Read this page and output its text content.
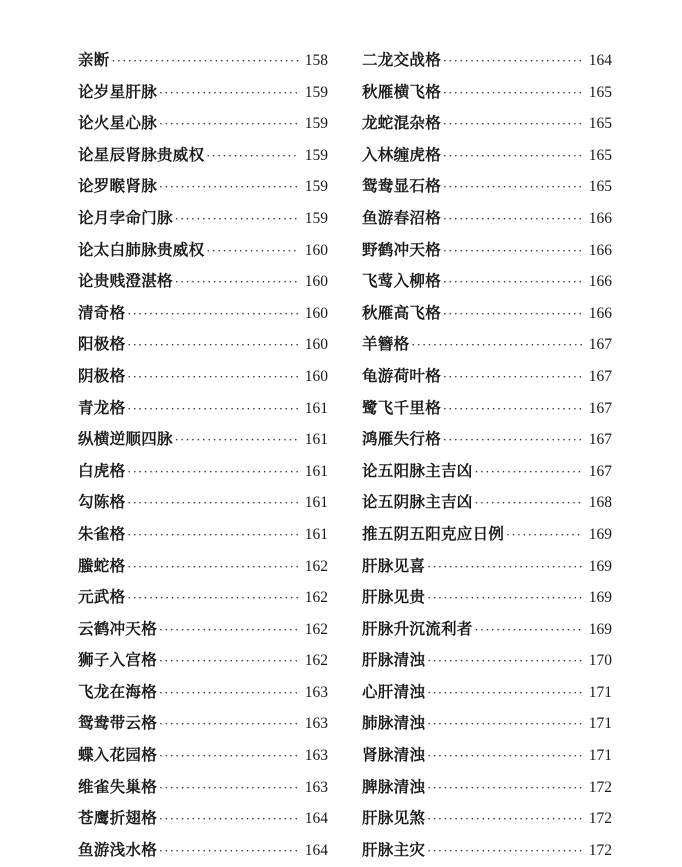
亲断 ·····	158
论岁星肝脉 ·····	159
论火星心脉 ·····	159
论星辰肾脉贵威权 ·····	159
论罗睺肾脉 ·····	159
论月孛命门脉 ·····	159
论太白肺脉贵威权 ·····	160
论贵贱澄湛格 ·····	160
清奇格 ·····	160
阳极格 ·····	160
阴极格 ·····	160
青龙格 ·····	161
纵横逆顺四脉 ·····	161
白虎格 ·····	161
勾陈格 ·····	161
朱雀格 ·····	161
螣蛇格 ·····	162
元武格 ·····	162
云鹤冲天格 ·····	162
狮子入宫格 ·····	162
飞龙在海格 ·····	163
鸳鸯带云格 ·····	163
蝶入花园格 ·····	163
维雀失巢格 ·····	163
苍鹰折翅格 ·····	164
鱼游浅水格 ·····	164
二龙交战格 ·····	164
秋雁横飞格 ·····	165
龙蛇混杂格 ·····	165
入林缠虎格 ·····	165
鸳鸯显石格 ·····	165
鱼游春沼格 ·····	166
野鹤冲天格 ·····	166
飞莺入柳格 ·····	166
秋雁高飞格 ·····	166
羊簪格 ·····	167
龟游荷叶格 ·····	167
鹭飞千里格 ·····	167
鸿雁失行格 ·····	167
论五阳脉主吉凶 ·····	167
论五阴脉主吉凶 ·····	168
推五阴五阳克应日例 ·····	169
肝脉见喜 ·····	169
肝脉见贵 ·····	169
肝脉升沉流利者 ·····	169
肝脉清浊 ·····	170
心肝清浊 ·····	171
肺脉清浊 ·····	171
肾脉清浊 ·····	171
脾脉清浊 ·····	172
肝脉见煞 ·····	172
肝脉主灾 ·····	172
